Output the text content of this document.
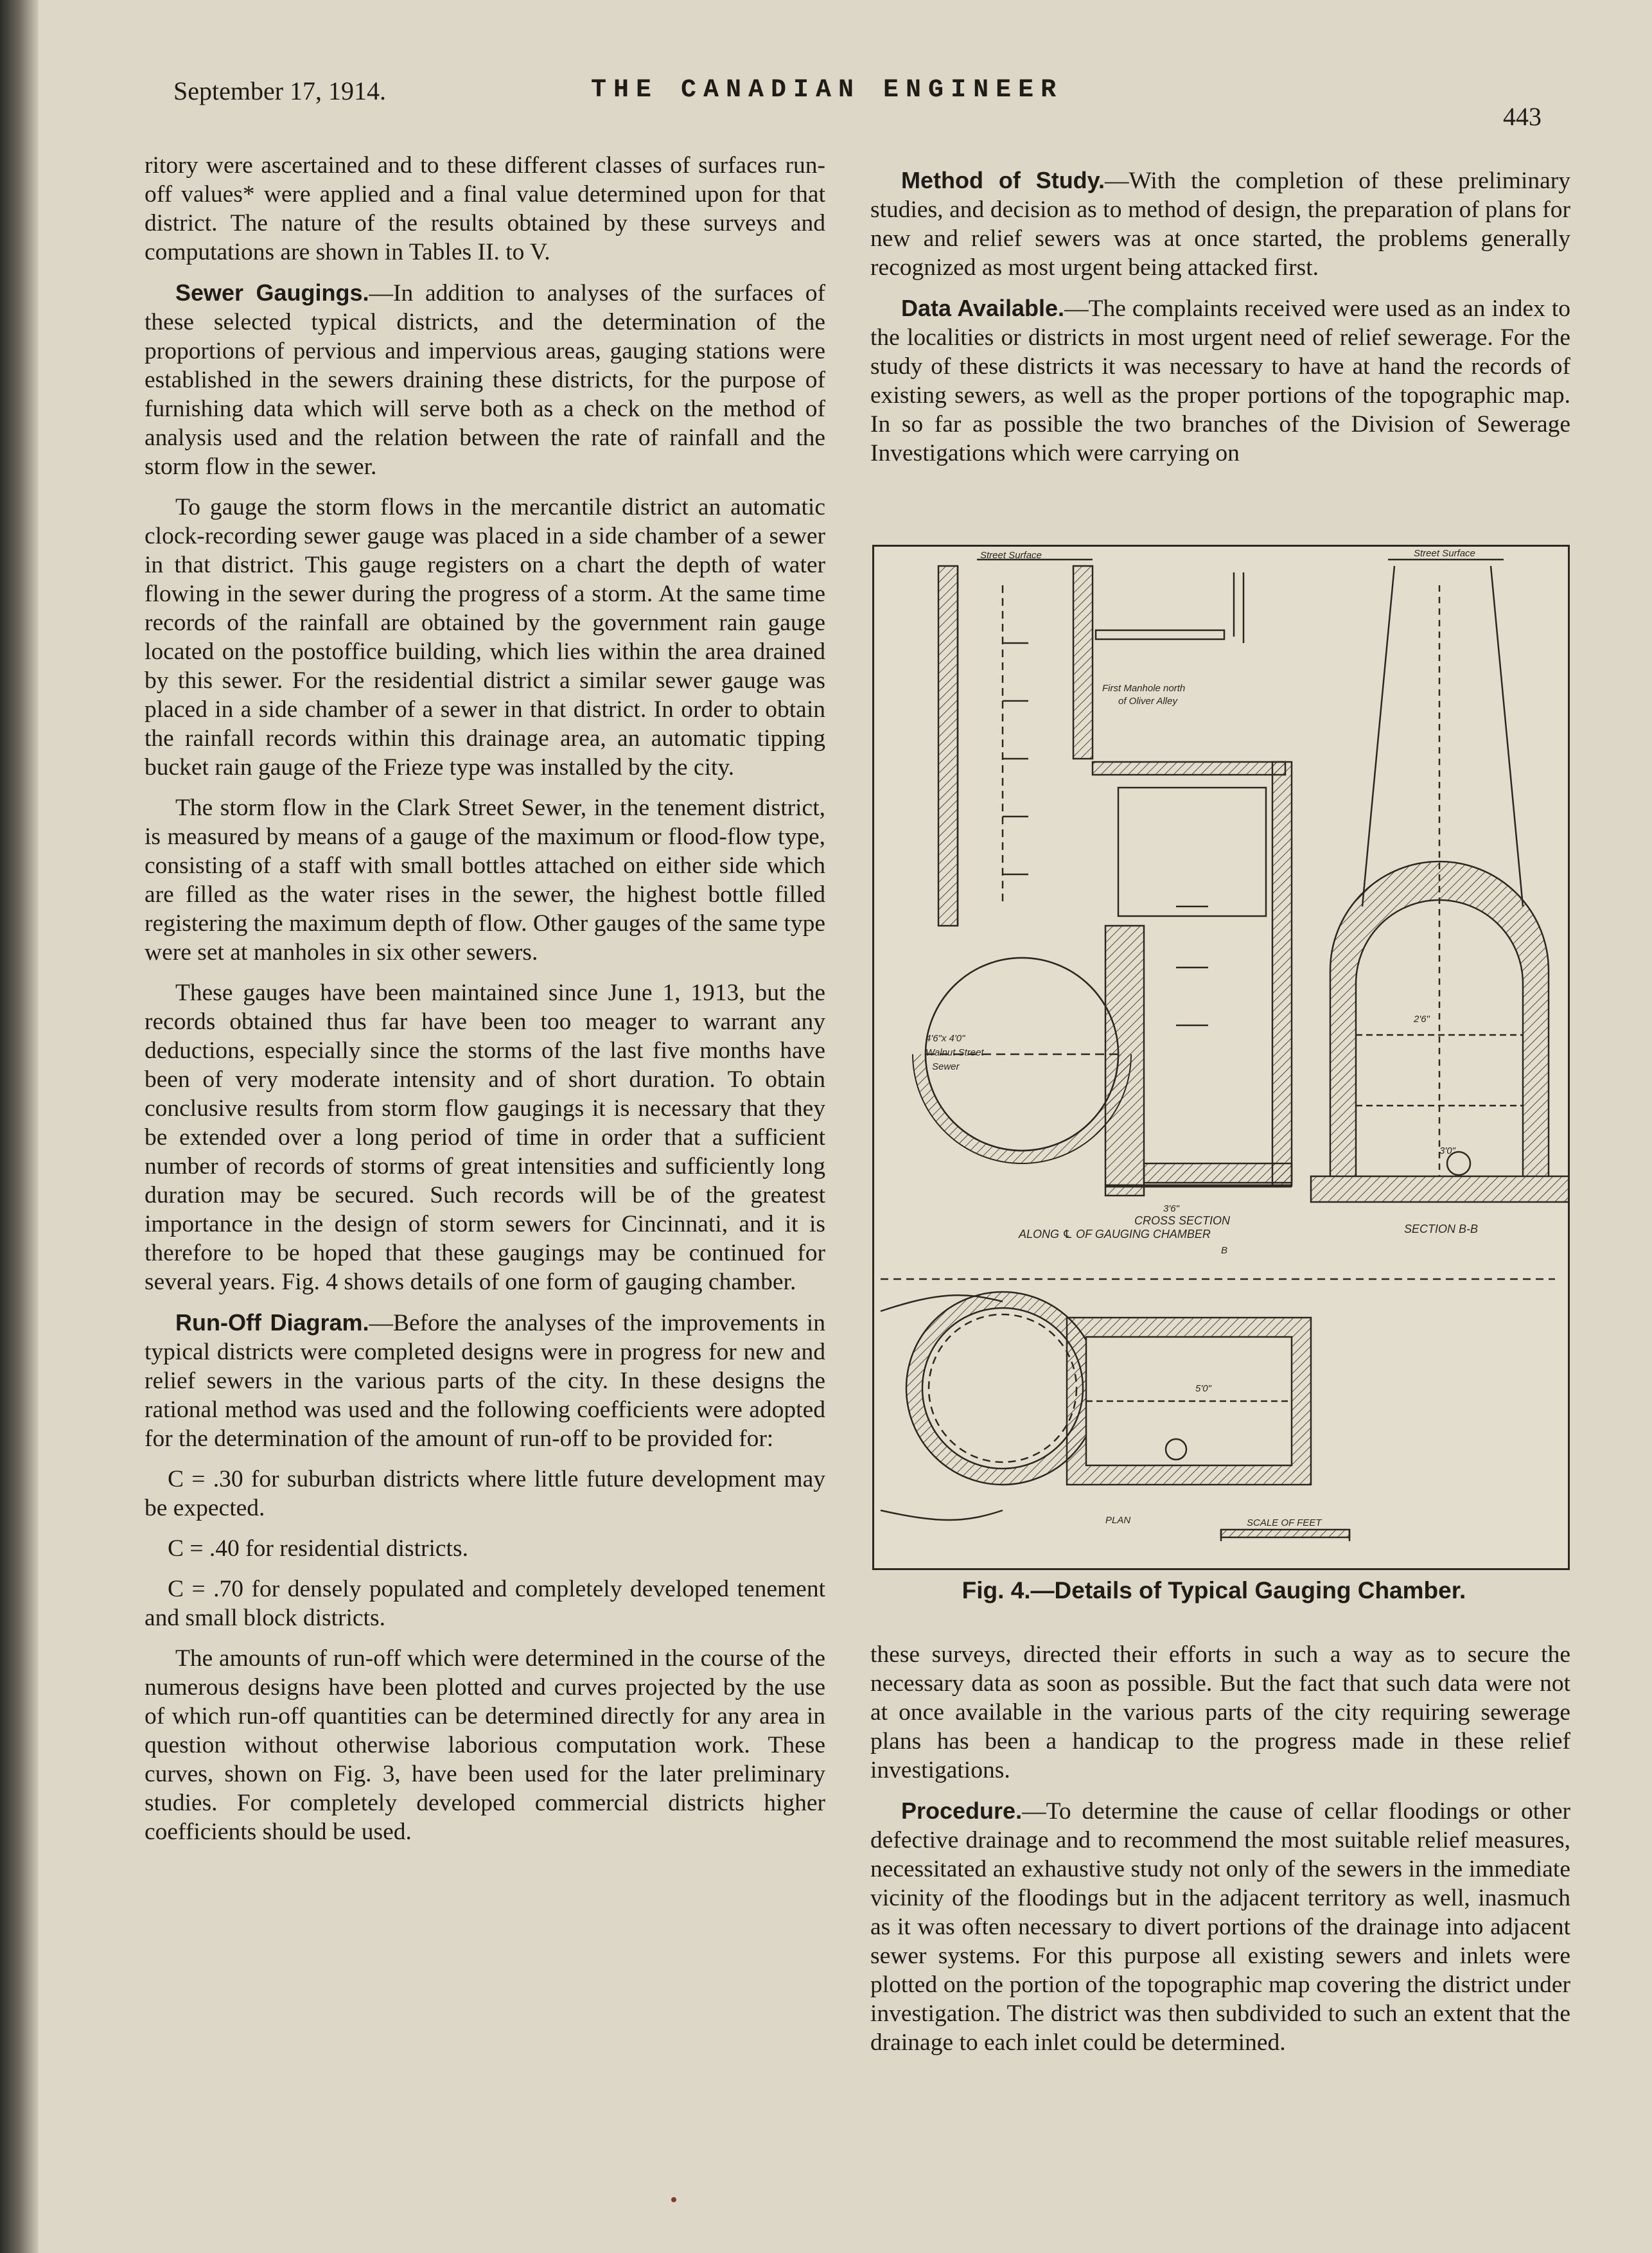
September 17, 1914.	THE CANADIAN ENGINEER
443

ritory were ascertained and to these different classes of surfaces run-off values* were applied and a final value determined upon for that district. The nature of the results obtained by these surveys and computations are shown in Tables II. to V.

Sewer Gaugings.—In addition to analyses of the surfaces of these selected typical districts, and the determination of the proportions of pervious and impervious areas, gauging stations were established in the sewers draining these districts, for the purpose of furnishing data which will serve both as a check on the method of analysis used and the relation between the rate of rainfall and the storm flow in the sewer.

To gauge the storm flows in the mercantile district an automatic clock-recording sewer gauge was placed in a side chamber of a sewer in that district. This gauge registers on a chart the depth of water flowing in the sewer during the progress of a storm. At the same time records of the rainfall are obtained by the government rain gauge located on the postoffice building, which lies within the area drained by this sewer. For the residential district a similar sewer gauge was placed in a side chamber of a sewer in that district. In order to obtain the rainfall records within this drainage area, an automatic tipping bucket rain gauge of the Frieze type was installed by the city.

The storm flow in the Clark Street Sewer, in the tenement district, is measured by means of a gauge of the maximum or flood-flow type, consisting of a staff with small bottles attached on either side which are filled as the water rises in the sewer, the highest bottle filled registering the maximum depth of flow. Other gauges of the same type were set at manholes in six other sewers.

These gauges have been maintained since June 1, 1913, but the records obtained thus far have been too meager to warrant any deductions, especially since the storms of the last five months have been of very moderate intensity and of short duration. To obtain conclusive results from storm flow gaugings it is necessary that they be extended over a long period of time in order that a sufficient number of records of storms of great intensities and sufficiently long duration may be secured. Such records will be of the greatest importance in the design of storm sewers for Cincinnati, and it is therefore to be hoped that these gaugings may be continued for several years. Fig. 4 shows details of one form of gauging chamber.

Run-Off Diagram.—Before the analyses of the improvements in typical districts were completed designs were in progress for new and relief sewers in the various parts of the city. In these designs the rational method was used and the following coefficients were adopted for the determination of the amount of run-off to be provided for:

C = .30 for suburban districts where little future development may be expected.

C = .40 for residential districts.

C = .70 for densely populated and completely developed tenement and small block districts.

The amounts of run-off which were determined in the course of the numerous designs have been plotted and curves projected by the use of which run-off quantities can be determined directly for any area in question without otherwise laborious computation work. These curves, shown on Fig. 3, have been used for the later preliminary studies. For completely developed commercial districts higher coefficients should be used.

Method of Study.—With the completion of these preliminary studies, and decision as to method of design, the preparation of plans for new and relief sewers was at once started, the problems generally recognized as most urgent being attacked first.

Data Available.—The complaints received were used as an index to the localities or districts in most urgent need of relief sewerage. For the study of these districts it was necessary to have at hand the records of existing sewers, as well as the proper portions of the topographic map. In so far as possible the two branches of the Division of Sewerage Investigations which were carrying on

Street Surface	Street Surface
First Manhole north
of Oliver Alley
4'6"x 4'0"
Walnut Street
Sewer
CROSS SECTION
ALONG ℄ OF GAUGING CHAMBER	SECTION B-B
PLAN	SCALE OF FEET
5'0"
3'0"
2'6"
3'6"
B
Fig. 4.—Details of Typical Gauging Chamber.

these surveys, directed their efforts in such a way as to secure the necessary data as soon as possible. But the fact that such data were not at once available in the various parts of the city requiring sewerage plans has been a handicap to the progress made in these relief investigations.

Procedure.—To determine the cause of cellar floodings or other defective drainage and to recommend the most suitable relief measures, necessitated an exhaustive study not only of the sewers in the immediate vicinity of the floodings but in the adjacent territory as well, inasmuch as it was often necessary to divert portions of the drainage into adjacent sewer systems. For this purpose all existing sewers and inlets were plotted on the portion of the topographic map covering the district under investigation. The district was then subdivided to such an extent that the drainage to each inlet could be determined.
